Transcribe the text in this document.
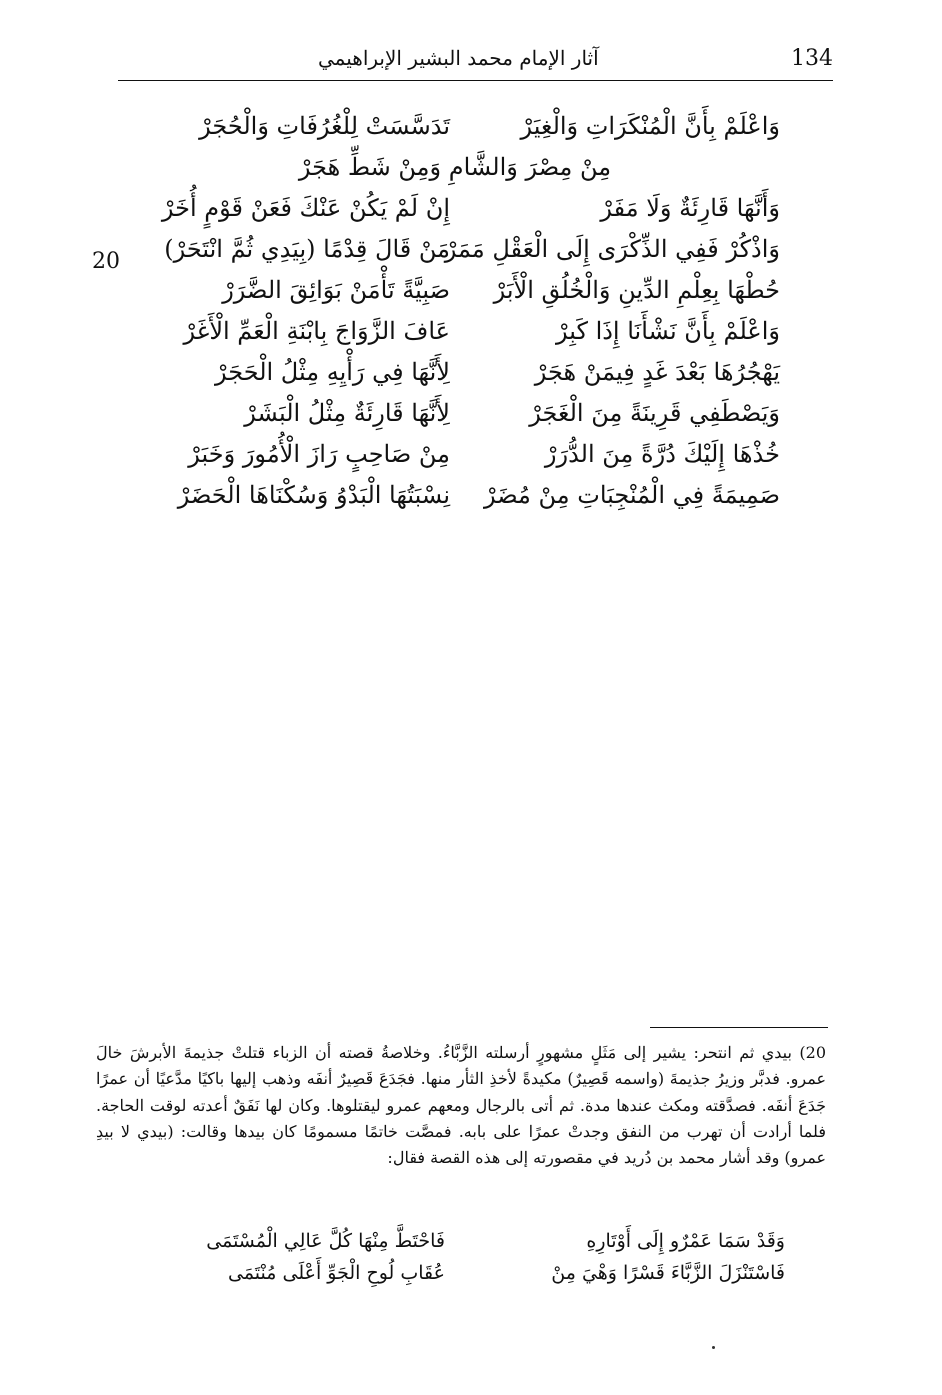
134
آثار الإمام محمد البشير الإبراهيمي
وَاعْلَمْ بِأَنَّ الْمُنْكَرَاتِ وَالْغِيَرْ
تَدَسَّسَتْ لِلْغُرُفَاتِ وَالْحُجَرْ
مِنْ مِصْرَ وَالشَّامِ وَمِنْ شَطِّ هَجَرْ
وَأَنَّهَا قَارِئَةٌ وَلَا مَفَرْ
إِنْ لَمْ يَكُنْ عَنْكَ فَعَنْ قَوْمٍ أُخَرْ
وَاذْكُرْ فَفِي الذِّكْرَى إِلَى الْعَقْلِ مَمَرْ
مَنْ قَالَ قِدْمًا (بِيَدِي ثُمَّ انْتَحَرْ)
حُطْهَا بِعِلْمِ الدِّينِ وَالْخُلُقِ الْأَبَرْ
صَبِيَّةً تَأْمَنْ بَوَائِقَ الضَّرَرْ
وَاعْلَمْ بِأَنَّ نَشْأَنَا إِذَا كَبِرْ
عَافَ الزَّوَاجَ بِابْنَةِ الْعَمِّ الْأَغَرْ
يَهْجُرُهَا بَعْدَ غَدٍ فِيمَنْ هَجَرْ
لِأَنَّهَا فِي رَأْيِهِ مِثْلُ الْحَجَرْ
وَيَصْطَفِي قَرِينَةً مِنَ الْغَجَرْ
لِأَنَّهَا قَارِئَةٌ مِثْلُ الْبَشَرْ
خُذْهَا إِلَيْكَ دُرَّةً مِنَ الدُّرَرْ
مِنْ صَاحِبٍ رَازَ الْأُمُورَ وَخَبَرْ
صَمِيمَةً فِي الْمُنْجِبَاتِ مِنْ مُضَرْ
نِسْبَتُهَا الْبَدْوُ وَسُكْنَاهَا الْحَضَرْ
20
20) بيدي ثم انتحر: يشير إلى مَثَلٍ مشهورٍ أرسلته الزَّبَّاءُ. وخلاصةُ قصته أن الزباء قتلتْ جذيمةَ الأبرشَ خالَ عمرو. فدبَّر وزيرُ جذيمةَ (واسمه قَصِيرٌ) مكيدةً لأخذِ الثأر منها. فجَدَعَ قَصِيرٌ أنفَه وذهب إليها باكيًا مدَّعيًا أن عمرًا جَدَعَ أنفَه. فصدَّقته ومكث عندها مدة. ثم أتى بالرجال ومعهم عمرو ليقتلوها. وكان لها نَفَقٌ أعدته لوقت الحاجة. فلما أرادت أن تهرب من النفق وجدتْ عمرًا على بابه. فمصَّت خاتمًا مسمومًا كان بيدها وقالت: (بيدي لا بيدِ عمرو) وقد أشار محمد بن دُريد في مقصورته إلى هذه القصة فقال:
وَقَدْ سَمَا عَمْرٌو إِلَى أَوْتَارِهِ
فَاحْتَطَّ مِنْهَا كُلَّ عَالِي الْمُسْتَمَى
فَاسْتَنْزَلَ الزَّبَّاءَ قَسْرًا وَهْيَ مِنْ
عُقَابِ لُوحِ الْجَوِّ أَعْلَى مُنْتَمَى
